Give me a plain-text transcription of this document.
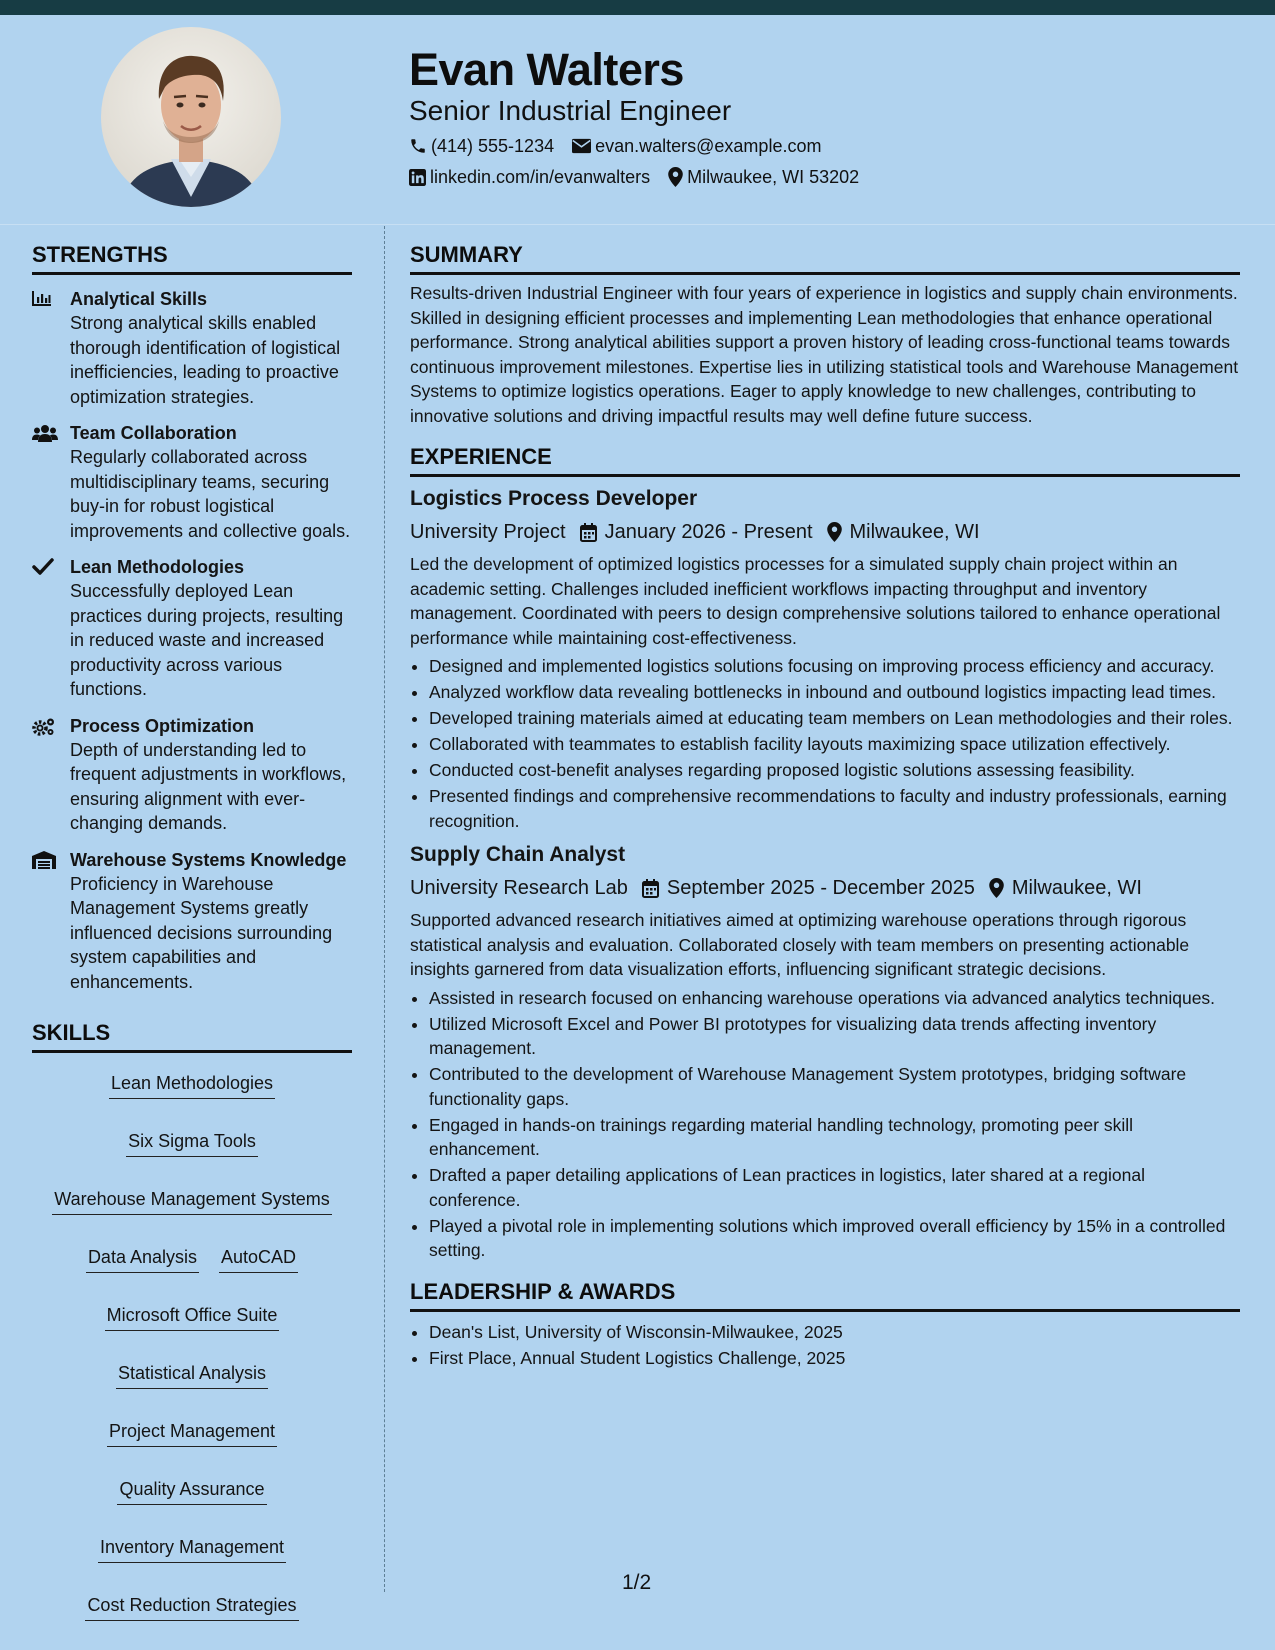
Evan Walters
Senior Industrial Engineer
(414) 555-1234 evan.walters@example.com
linkedin.com/in/evanwalters Milwaukee, WI 53202
STRENGTHS
Analytical Skills
Strong analytical skills enabled thorough identification of logistical inefficiencies, leading to proactive optimization strategies.
Team Collaboration
Regularly collaborated across multidisciplinary teams, securing buy-in for robust logistical improvements and collective goals.
Lean Methodologies
Successfully deployed Lean practices during projects, resulting in reduced waste and increased productivity across various functions.
Process Optimization
Depth of understanding led to frequent adjustments in workflows, ensuring alignment with ever-changing demands.
Warehouse Systems Knowledge
Proficiency in Warehouse Management Systems greatly influenced decisions surrounding system capabilities and enhancements.
SKILLS
Lean Methodologies
Six Sigma Tools
Warehouse Management Systems
Data Analysis AutoCAD
Microsoft Office Suite
Statistical Analysis
Project Management
Quality Assurance
Inventory Management
Cost Reduction Strategies
SUMMARY
Results-driven Industrial Engineer with four years of experience in logistics and supply chain environments. Skilled in designing efficient processes and implementing Lean methodologies that enhance operational performance. Strong analytical abilities support a proven history of leading cross-functional teams towards continuous improvement milestones. Expertise lies in utilizing statistical tools and Warehouse Management Systems to optimize logistics operations. Eager to apply knowledge to new challenges, contributing to innovative solutions and driving impactful results may well define future success.
EXPERIENCE
Logistics Process Developer
University Project January 2026 - Present Milwaukee, WI
Led the development of optimized logistics processes for a simulated supply chain project within an academic setting. Challenges included inefficient workflows impacting throughput and inventory management. Coordinated with peers to design comprehensive solutions tailored to enhance operational performance while maintaining cost-effectiveness.
• Designed and implemented logistics solutions focusing on improving process efficiency and accuracy.
• Analyzed workflow data revealing bottlenecks in inbound and outbound logistics impacting lead times.
• Developed training materials aimed at educating team members on Lean methodologies and their roles.
• Collaborated with teammates to establish facility layouts maximizing space utilization effectively.
• Conducted cost-benefit analyses regarding proposed logistic solutions assessing feasibility.
• Presented findings and comprehensive recommendations to faculty and industry professionals, earning recognition.
Supply Chain Analyst
University Research Lab September 2025 - December 2025 Milwaukee, WI
Supported advanced research initiatives aimed at optimizing warehouse operations through rigorous statistical analysis and evaluation. Collaborated closely with team members on presenting actionable insights garnered from data visualization efforts, influencing significant strategic decisions.
• Assisted in research focused on enhancing warehouse operations via advanced analytics techniques.
• Utilized Microsoft Excel and Power BI prototypes for visualizing data trends affecting inventory management.
• Contributed to the development of Warehouse Management System prototypes, bridging software functionality gaps.
• Engaged in hands-on trainings regarding material handling technology, promoting peer skill enhancement.
• Drafted a paper detailing applications of Lean practices in logistics, later shared at a regional conference.
• Played a pivotal role in implementing solutions which improved overall efficiency by 15% in a controlled setting.
LEADERSHIP & AWARDS
• Dean's List, University of Wisconsin-Milwaukee, 2025
• First Place, Annual Student Logistics Challenge, 2025
1/2
